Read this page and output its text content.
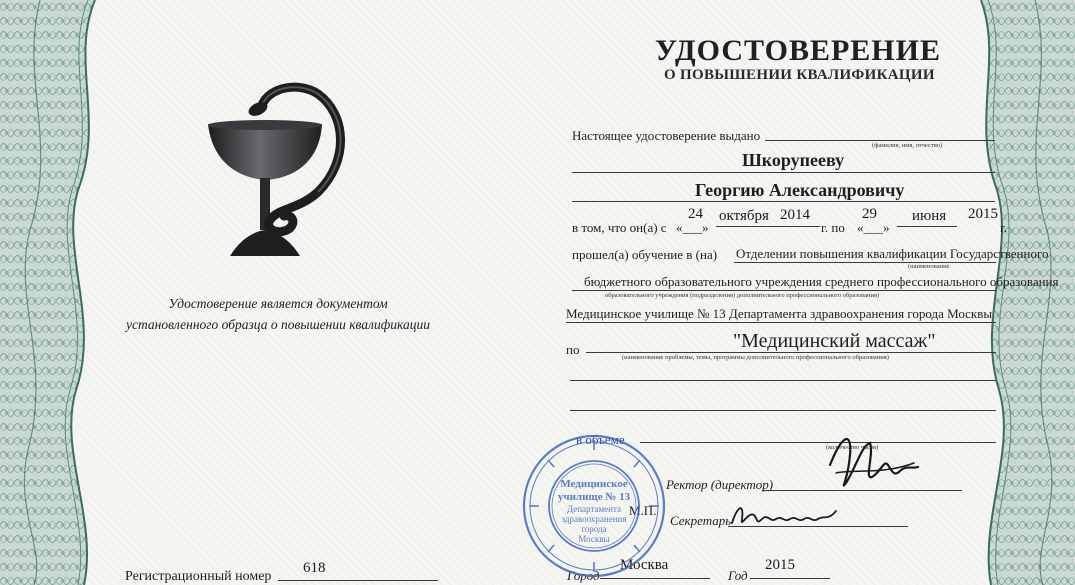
Удостоверение является документом
установленного образца о повышении квалификации
Регистрационный номер
618
УДОСТОВЕРЕНИЕ
О ПОВЫШЕНИИ КВАЛИФИКАЦИИ
Настоящее удостоверение выдано
(фамилия, имя, отчество)
Шкорупееву
Георгию Александровичу
в том, что он(а) с «___»
24 октября 2014
г. по «___»
29 июня 2015
г.
прошел(а) обучение в (на) Отделении повышения квалификации Государственного
(наименование
бюджетного образовательного учреждения среднего профессионального образования
образовательного учреждения (подразделения) дополнительного профессионального образования)
Медицинское училище № 13 Департамента здравоохранения города Москвы
по	"Медицинский массаж"
(наименование проблемы, темы, программы дополнительного профессионального образования)
в объеме
(количество часов)
Ректор (директор)
М.П.
Секретарь
Город
Москва
Год
2015
Медицинское
училище № 13
Департамента
здравоохранения
города
Москвы
